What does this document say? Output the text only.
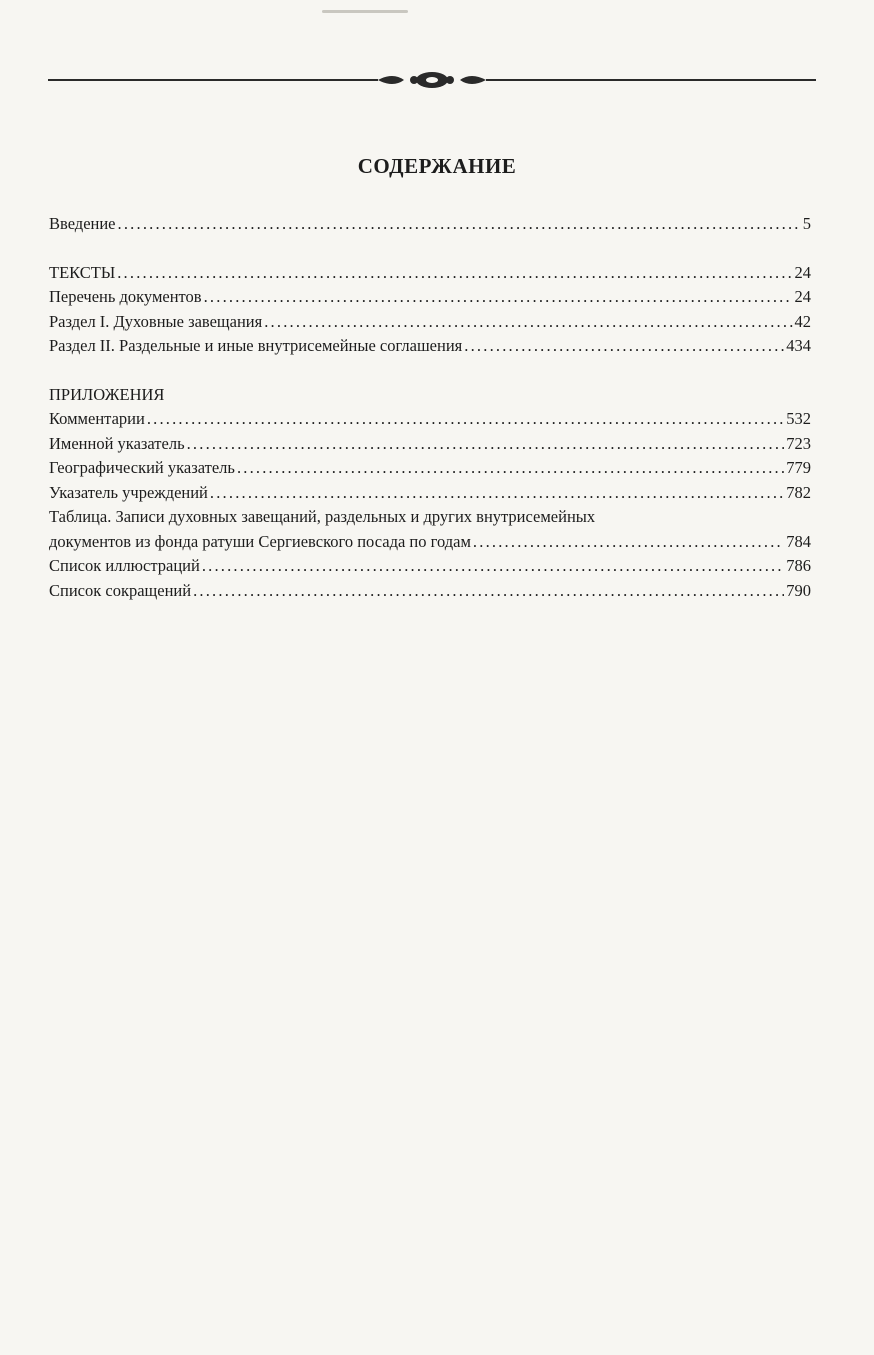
СОДЕРЖАНИЕ
Введение .....	5
ТЕКСТЫ .....	24
Перечень документов .....	24
Раздел I. Духовные завещания .....	42
Раздел II. Раздельные и иные внутрисемейные соглашения .....	434
ПРИЛОЖЕНИЯ
Комментарии .....	532
Именной указатель .....	723
Географический указатель .....	779
Указатель учреждений .....	782
Таблица. Записи духовных завещаний, раздельных и других внутрисемейных
документов из фонда ратуши Сергиевского посада по годам .....	784
Список иллюстраций .....	786
Список сокращений .....	790
